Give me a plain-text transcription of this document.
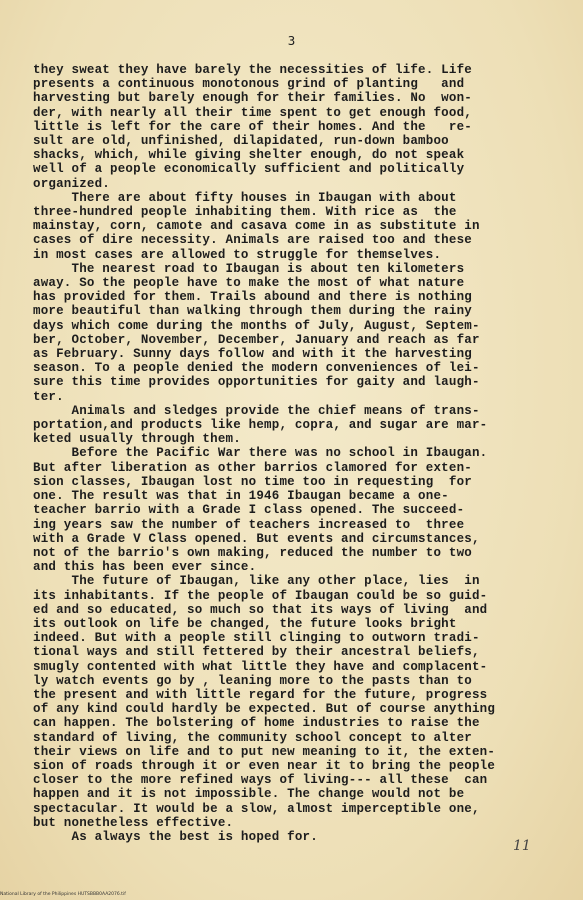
3
they sweat they have barely the necessities of life. Life
presents a continuous monotonous grind of planting   and
harvesting but barely enough for their families. No  won-
der, with nearly all their time spent to get enough food,
little is left for the care of their homes. And the   re-
sult are old, unfinished, dilapidated, run-down bamboo
shacks, which, while giving shelter enough, do not speak
well of a people economically sufficient and politically
organized.
There are about fifty houses in Ibaugan with about
three-hundred people inhabiting them. With rice as  the
mainstay, corn, camote and casava come in as substitute in
cases of dire necessity. Animals are raised too and these
in most cases are allowed to struggle for themselves.
The nearest road to Ibaugan is about ten kilometers
away. So the people have to make the most of what nature
has provided for them. Trails abound and there is nothing
more beautiful than walking through them during the rainy
days which come during the months of July, August, Septem-
ber, October, November, December, January and reach as far
as February. Sunny days follow and with it the harvesting
season. To a people denied the modern conveniences of lei-
sure this time provides opportunities for gaity and laugh-
ter.
Animals and sledges provide the chief means of trans-
portation,and products like hemp, copra, and sugar are mar-
keted usually through them.
Before the Pacific War there was no school in Ibaugan.
But after liberation as other barrios clamored for exten-
sion classes, Ibaugan lost no time too in requesting  for
one. The result was that in 1946 Ibaugan became a one-
teacher barrio with a Grade I class opened. The succeed-
ing years saw the number of teachers increased to  three
with a Grade V Class opened. But events and circumstances,
not of the barrio's own making, reduced the number to two
and this has been ever since.
The future of Ibaugan, like any other place, lies  in
its inhabitants. If the people of Ibaugan could be so guid-
ed and so educated, so much so that its ways of living  and
its outlook on life be changed, the future looks bright
indeed. But with a people still clinging to outworn tradi-
tional ways and still fettered by their ancestral beliefs,
smugly contented with what little they have and complacent-
ly watch events go by , leaning more to the pasts than to
the present and with little regard for the future, progress
of any kind could hardly be expected. But of course anything
can happen. The bolstering of home industries to raise the
standard of living, the community school concept to alter
their views on life and to put new meaning to it, the exten-
sion of roads through it or even near it to bring the people
closer to the more refined ways of living--- all these  can
happen and it is not impossible. The change would not be
spectacular. It would be a slow, almost imperceptible one,
but nonetheless effective.
As always the best is hoped for.
11
National Library of the Philippines HUTSBBB0AA2076.tif
